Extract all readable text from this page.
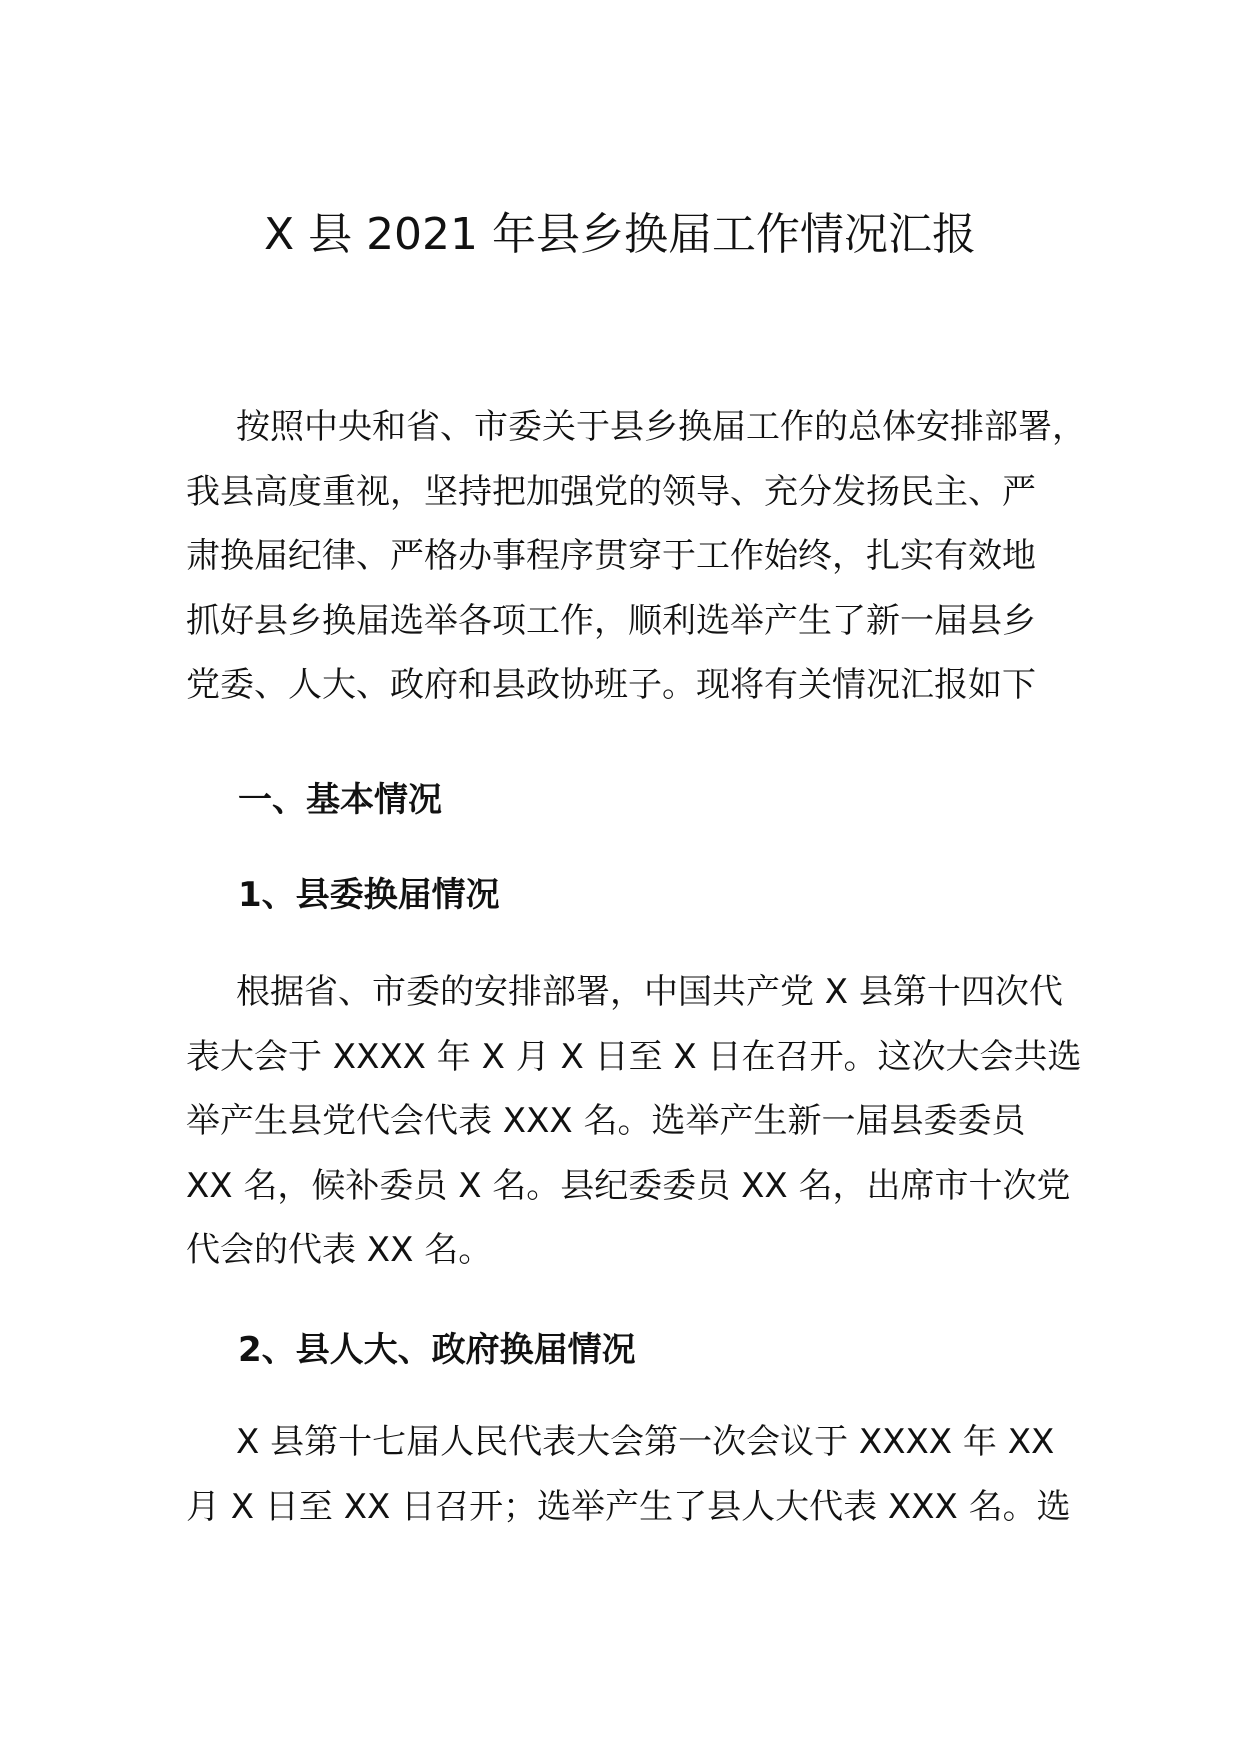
X 县 2021 年县乡换届工作情况汇报
按照中央和省、市委关于县乡换届工作的总体安排部署，
我县高度重视，坚持把加强党的领导、充分发扬民主、严
肃换届纪律、严格办事程序贯穿于工作始终，扎实有效地
抓好县乡换届选举各项工作，顺利选举产生了新一届县乡
党委、人大、政府和县政协班子。现将有关情况汇报如下
一、基本情况
1、县委换届情况
根据省、市委的安排部署，中国共产党 X 县第十四次代
表大会于 XXXX 年 X 月 X 日至 X 日在召开。这次大会共选
举产生县党代会代表 XXX 名。选举产生新一届县委委员
XX 名，候补委员 X 名。县纪委委员 XX 名，出席市十次党
代会的代表 XX 名。
2、县人大、政府换届情况
X 县第十七届人民代表大会第一次会议于 XXXX 年 XX
月 X 日至 XX 日召开；选举产生了县人大代表 XXX 名。选
